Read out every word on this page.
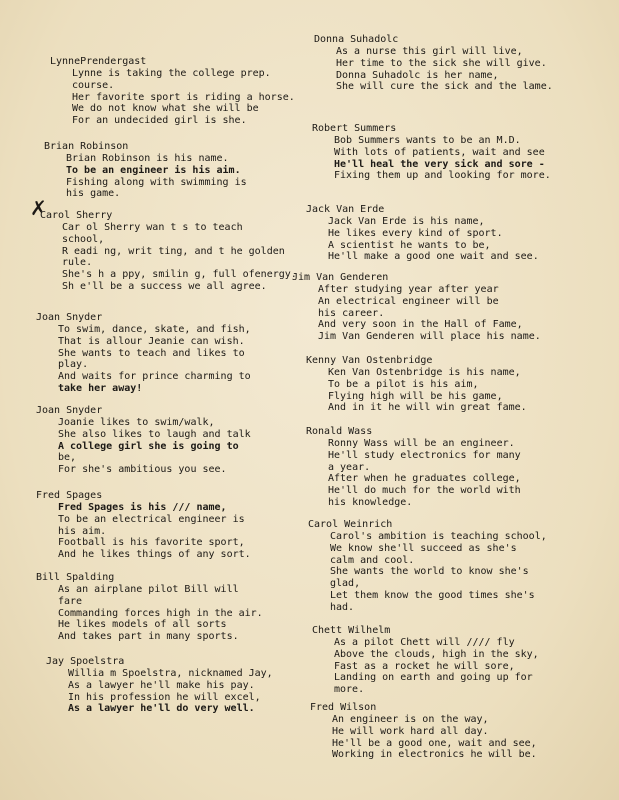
✗
LynnePrendergast
Lynne is taking the college prep.
course.
Her favorite sport is riding a horse.
We do not know what she will be
For an undecided girl is she.
Brian Robinson
Brian Robinson is his name.
To be an engineer is his aim.
Fishing along with swimming is
his game.
Carol Sherry
Car ol Sherry wan t s to teach
school,
R eadi ng, writ ting, and t he golden
rule.
She's h a ppy, smilin g, full ofenergy.
Sh e'll be a success we all agree.
Joan Snyder
To swim, dance, skate, and fish,
That is allour Jeanie can wish.
She wants to teach and likes to
play.
And waits for prince charming to
take her away!
Joan Snyder
Joanie likes to swim/walk,
She also likes to laugh and talk
A college girl she is going to
be,
For she's ambitious you see.
Fred Spages
Fred Spages is his /// name,
To be an electrical engineer is
his aim.
Football is his favorite sport,
And he likes things of any sort.
Bill Spalding
As an airplane pilot Bill will
fare
Commanding forces high in the air.
He likes models of all sorts
And takes part in many sports.
Jay Spoelstra
Willia m Spoelstra, nicknamed Jay,
As a lawyer he'll make his pay.
In his profession he will excel,
As a lawyer he'll do very well.
Donna Suhadolc
As a nurse this girl will live,
Her time to the sick she will give.
Donna Suhadolc is her name,
She will cure the sick and the lame.
Robert Summers
Bob Summers wants to be an M.D.
With lots of patients, wait and see
He'll heal the very sick and sore -
Fixing them up and looking for more.
Jack Van Erde
Jack Van Erde is his name,
He likes every kind of sport.
A scientist he wants to be,
He'll make a good one wait and see.
Jim Van Genderen
After studying year after year
An electrical engineer will be
his career.
And very soon in the Hall of Fame,
Jim Van Genderen will place his name.
Kenny Van Ostenbridge
Ken Van Ostenbridge is his name,
To be a pilot is his aim,
Flying high will be his game,
And in it he will win great fame.
Ronald Wass
Ronny Wass will be an engineer.
He'll study electronics for many
a year.
After when he graduates college,
He'll do much for the world with
his knowledge.
Carol Weinrich
Carol's ambition is teaching school,
We know she'll succeed as she's
calm and cool.
She wants the world to know she's
glad,
Let them know the good times she's
had.
Chett Wilhelm
As a pilot Chett will //// fly
Above the clouds, high in the sky,
Fast as a rocket he will sore,
Landing on earth and going up for
more.
Fred Wilson
An engineer is on the way,
He will work hard all day.
He'll be a good one, wait and see,
Working in electronics he will be.
